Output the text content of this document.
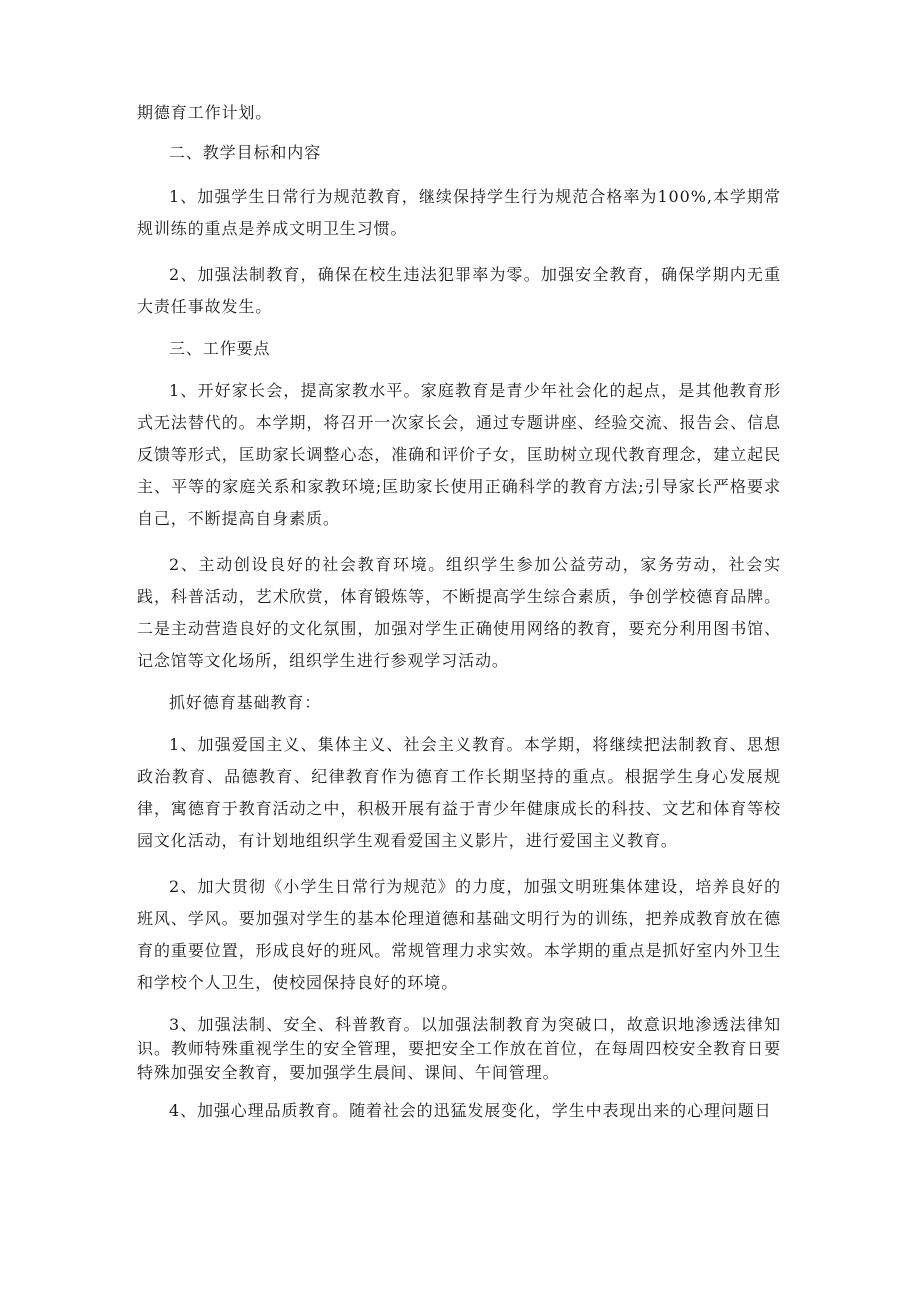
期德育工作计划。

二、教学目标和内容

1、加强学生日常行为规范教育，继续保持学生行为规范合格率为100%,本学期常规训练的重点是养成文明卫生习惯。

2、加强法制教育，确保在校生违法犯罪率为零。加强安全教育，确保学期内无重大责任事故发生。

三、工作要点

1、开好家长会，提高家教水平。家庭教育是青少年社会化的起点，是其他教育形式无法替代的。本学期，将召开一次家长会，通过专题讲座、经验交流、报告会、信息反馈等形式，匡助家长调整心态，准确和评价子女，匡助树立现代教育理念，建立起民主、平等的家庭关系和家教环境;匡助家长使用正确科学的教育方法;引导家长严格要求自己，不断提高自身素质。

2、主动创设良好的社会教育环境。组织学生参加公益劳动，家务劳动，社会实践，科普活动，艺术欣赏，体育锻炼等，不断提高学生综合素质，争创学校德育品牌。二是主动营造良好的文化氛围，加强对学生正确使用网络的教育，要充分利用图书馆、记念馆等文化场所，组织学生进行参观学习活动。

抓好德育基础教育：

1、加强爱国主义、集体主义、社会主义教育。本学期，将继续把法制教育、思想政治教育、品德教育、纪律教育作为德育工作长期坚持的重点。根据学生身心发展规律，寓德育于教育活动之中，积极开展有益于青少年健康成长的科技、文艺和体育等校园文化活动，有计划地组织学生观看爱国主义影片，进行爱国主义教育。

2、加大贯彻《小学生日常行为规范》的力度，加强文明班集体建设，培养良好的班风、学风。要加强对学生的基本伦理道德和基础文明行为的训练，把养成教育放在德育的重要位置，形成良好的班风。常规管理力求实效。本学期的重点是抓好室内外卫生和学校个人卫生，使校园保持良好的环境。

3、加强法制、安全、科普教育。以加强法制教育为突破口，故意识地渗透法律知识。教师特殊重视学生的安全管理，要把安全工作放在首位，在每周四校安全教育日要特殊加强安全教育，要加强学生晨间、课间、午间管理。

4、加强心理品质教育。随着社会的迅猛发展变化，学生中表现出来的心理问题日
